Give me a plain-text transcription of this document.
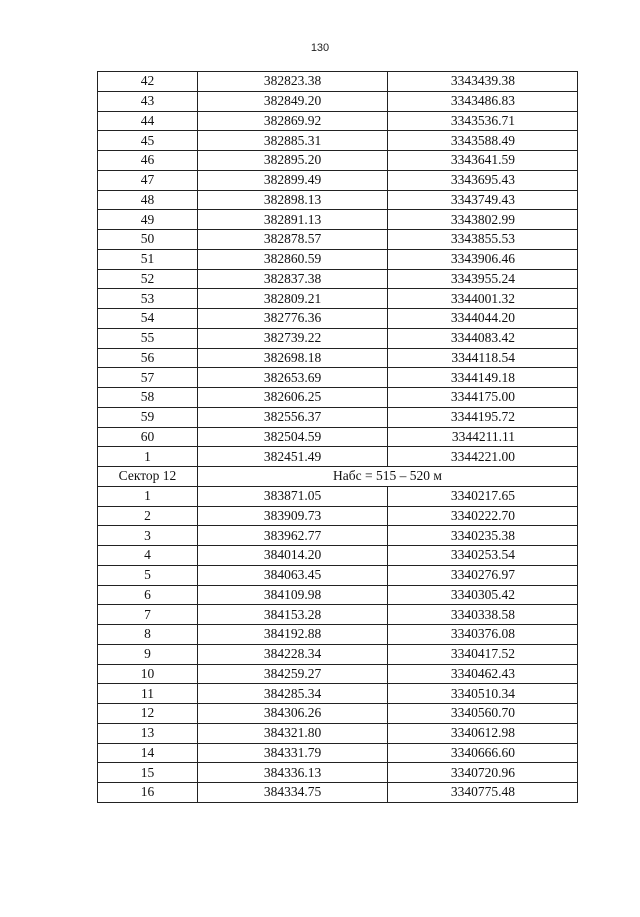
130
42	382823.38	3343439.38
43	382849.20	3343486.83
44	382869.92	3343536.71
45	382885.31	3343588.49
46	382895.20	3343641.59
47	382899.49	3343695.43
48	382898.13	3343749.43
49	382891.13	3343802.99
50	382878.57	3343855.53
51	382860.59	3343906.46
52	382837.38	3343955.24
53	382809.21	3344001.32
54	382776.36	3344044.20
55	382739.22	3344083.42
56	382698.18	3344118.54
57	382653.69	3344149.18
58	382606.25	3344175.00
59	382556.37	3344195.72
60	382504.59	3344211.11
1	382451.49	3344221.00
Сектор 12	Набс = 515 – 520 м	
1	383871.05	3340217.65
2	383909.73	3340222.70
3	383962.77	3340235.38
4	384014.20	3340253.54
5	384063.45	3340276.97
6	384109.98	3340305.42
7	384153.28	3340338.58
8	384192.88	3340376.08
9	384228.34	3340417.52
10	384259.27	3340462.43
11	384285.34	3340510.34
12	384306.26	3340560.70
13	384321.80	3340612.98
14	384331.79	3340666.60
15	384336.13	3340720.96
16	384334.75	3340775.48
